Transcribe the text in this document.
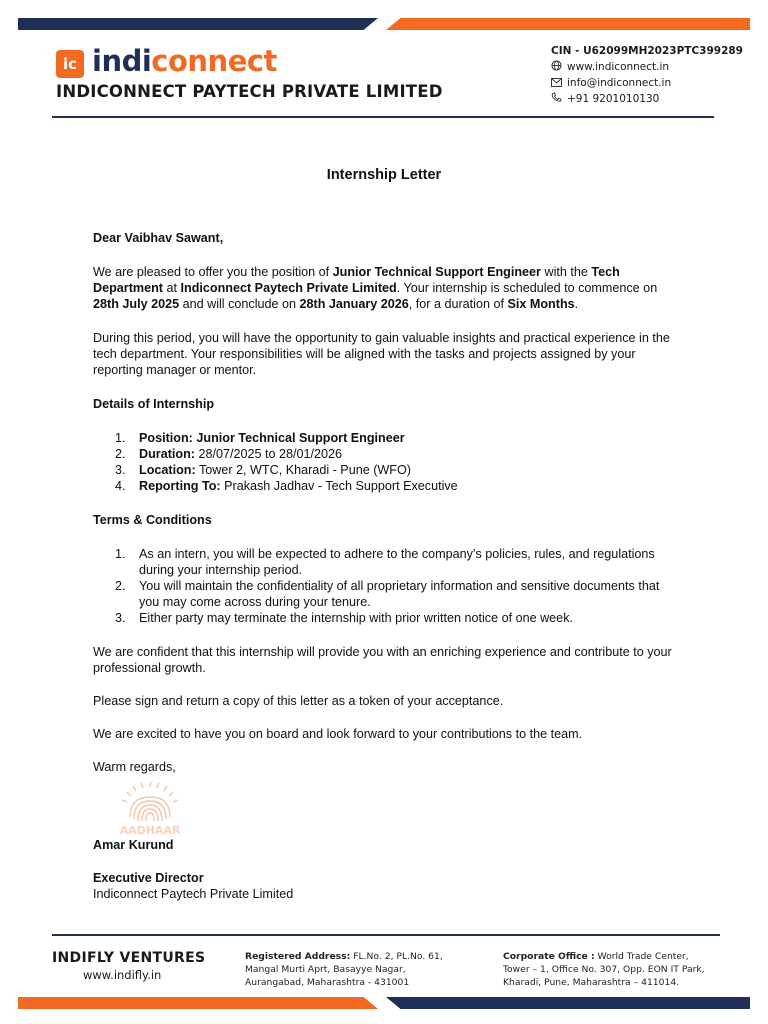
ic indiconnect
INDICONNECT PAYTECH PRIVATE LIMITED
CIN - U62099MH2023PTC399289
www.indiconnect.in
info@indiconnect.in
+91 9201010130
Internship Letter

Dear Vaibhav Sawant,

We are pleased to offer you the position of Junior Technical Support Engineer with the Tech Department at Indiconnect Paytech Private Limited. Your internship is scheduled to commence on 28th July 2025 and will conclude on 28th January 2026, for a duration of Six Months.

During this period, you will have the opportunity to gain valuable insights and practical experience in the tech department. Your responsibilities will be aligned with the tasks and projects assigned by your reporting manager or mentor.

Details of Internship

1. Position: Junior Technical Support Engineer
2. Duration: 28/07/2025 to 28/01/2026
3. Location: Tower 2, WTC, Kharadi - Pune (WFO)
4. Reporting To: Prakash Jadhav - Tech Support Executive

Terms & Conditions

1. As an intern, you will be expected to adhere to the company’s policies, rules, and regulations during your internship period.
2. You will maintain the confidentiality of all proprietary information and sensitive documents that you may come across during your tenure.
3. Either party may terminate the internship with prior written notice of one week.

We are confident that this internship will provide you with an enriching experience and contribute to your professional growth.

Please sign and return a copy of this letter as a token of your acceptance.

We are excited to have you on board and look forward to your contributions to the team.

Warm regards,

AADHAAR

Amar Kurund

Executive Director

Indiconnect Paytech Private Limited

INDIFLY VENTURES
www.indifly.in
Registered Address: FL.No. 2, PL.No. 61, Mangal Murti Aprt, Basayye Nagar, Aurangabad, Maharashtra - 431001
Corporate Office : World Trade Center, Tower – 1, Office No. 307, Opp. EON IT Park, Kharadi, Pune, Maharashtra – 411014.
